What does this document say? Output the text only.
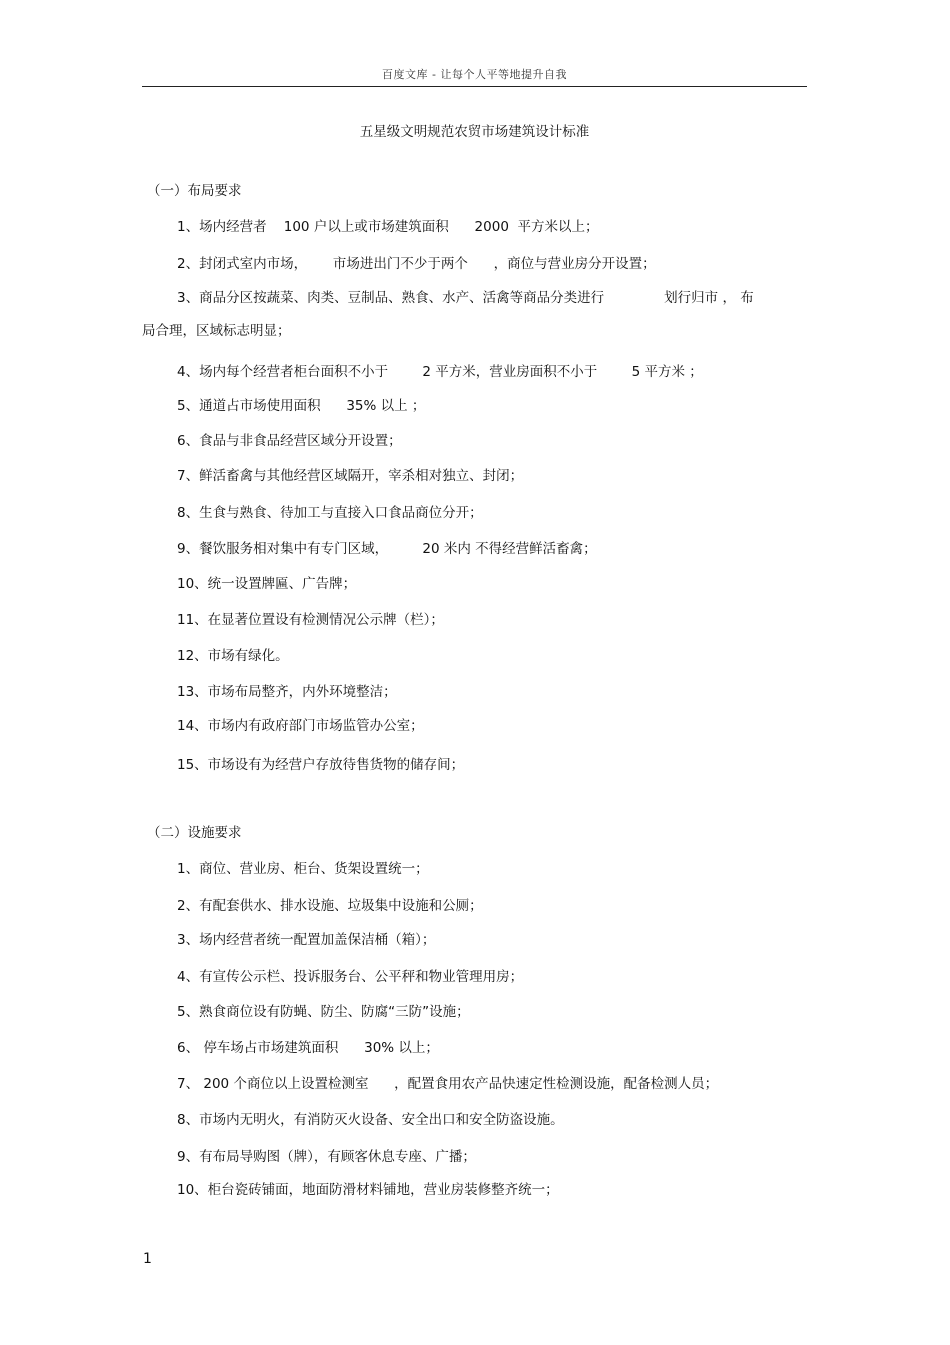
百度文库 - 让每个人平等地提升自我
五星级文明规范农贸市场建筑设计标准
（一）布局要求
1、场内经营者    100 户以上或市场建筑面积      2000  平方米以上；
2、封闭式室内市场，      市场进出门不少于两个      ，商位与营业房分开设置；
3、商品分区按蔬菜、肉类、豆制品、熟食、水产、活禽等商品分类进行              划行归市 ， 布
局合理，区域标志明显；
4、场内每个经营者柜台面积不小于        2 平方米，营业房面积不小于        5 平方米 ；
5、通道占市场使用面积      35% 以上 ；
6、食品与非食品经营区域分开设置；
7、鲜活畜禽与其他经营区域隔开，宰杀相对独立、封闭；
8、生食与熟食、待加工与直接入口食品商位分开；
9、餐饮服务相对集中有专门区域，        20 米内 不得经营鲜活畜禽；
10、统一设置牌匾、广告牌；
11、在显著位置设有检测情况公示牌（栏）；
12、市场有绿化。
13、市场布局整齐，内外环境整洁；
14、市场内有政府部门市场监管办公室；
15、市场设有为经营户存放待售货物的储存间；
（二）设施要求
1、商位、营业房、柜台、货架设置统一；
2、有配套供水、排水设施、垃圾集中设施和公厕；
3、场内经营者统一配置加盖保洁桶（箱）；
4、有宣传公示栏、投诉服务台、公平秤和物业管理用房；
5、熟食商位设有防蝇、防尘、防腐“三防”设施；
6、 停车场占市场建筑面积      30% 以上；
7、 200 个商位以上设置检测室      ，配置食用农产品快速定性检测设施，配备检测人员；
8、市场内无明火，有消防灭火设备、安全出口和安全防盗设施。
9、有布局导购图（牌），有顾客休息专座、广播；
10、柜台瓷砖铺面，地面防滑材料铺地，营业房装修整齐统一；
1
